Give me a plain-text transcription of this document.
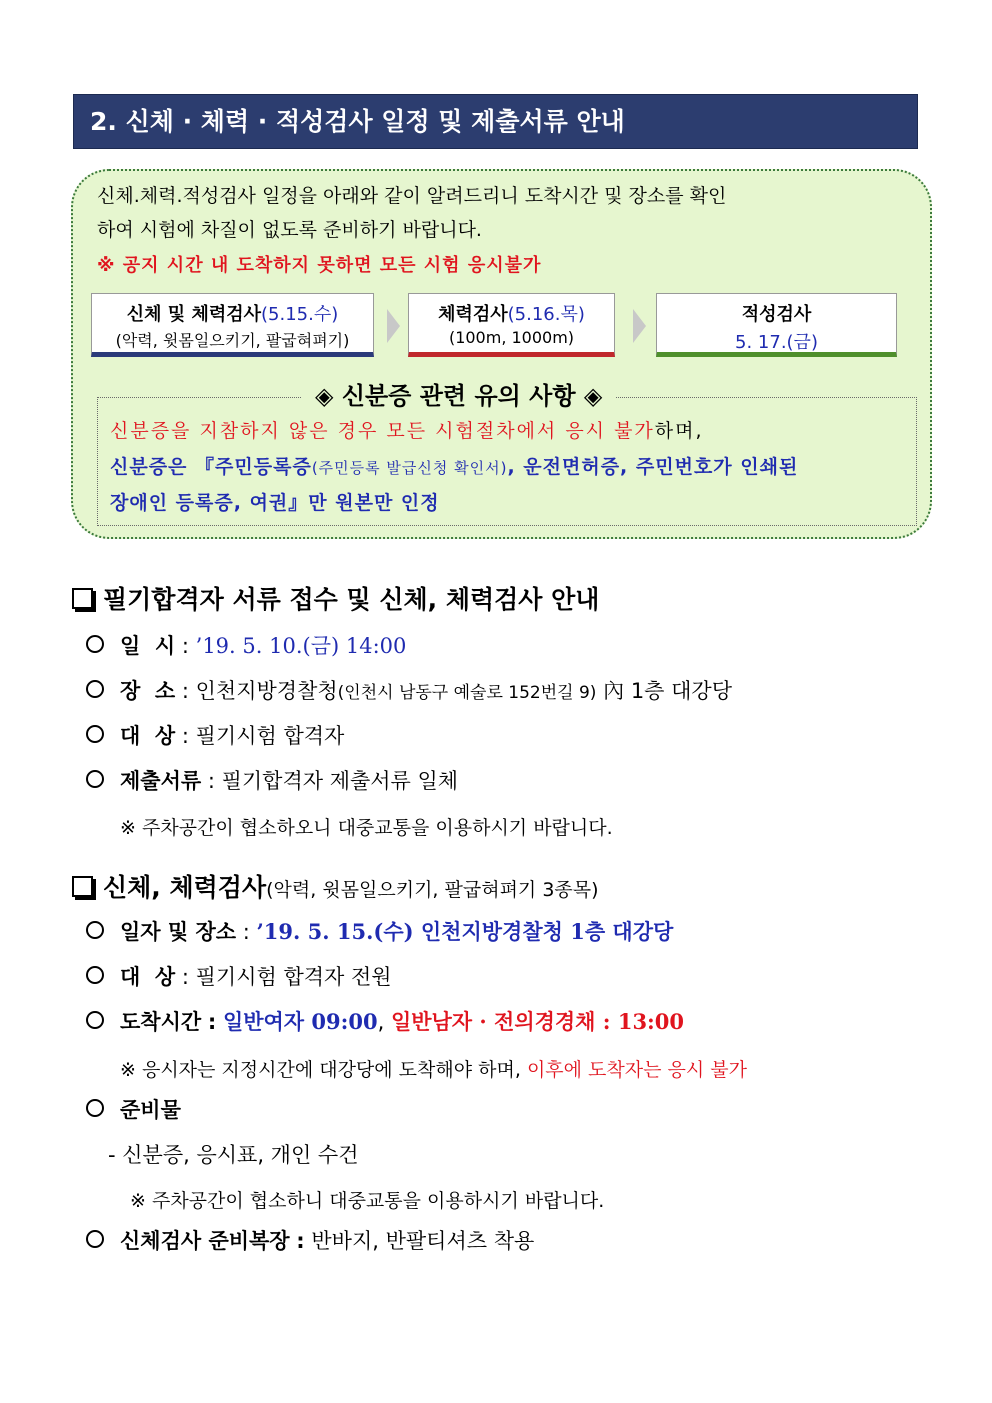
2. 신체 · 체력 · 적성검사 일정 및 제출서류 안내
신체.체력.적성검사 일정을 아래와 같이 알려드리니 도착시간 및 장소를 확인
하여 시험에 차질이 없도록 준비하기 바랍니다.
※ 공지 시간 내 도착하지 못하면 모든 시험 응시불가
신체 및 체력검사(5.15.수)
(악력, 윗몸일으키기, 팔굽혀펴기)
체력검사(5.16.목)
(100m, 1000m)
적성검사
5. 17.(금)
신분증을 지참하지 않은 경우 모든 시험절차에서 응시 불가하며,
신분증은 『주민등록증(주민등록 발급신청 확인서), 운전면허증, 주민번호가 인쇄된
장애인 등록증, 여권』만 원본만 인정
◈ 신분증 관련 유의 사항 ◈
필기합격자 서류 접수 및 신체, 체력검사 안내
일  시 : ’19. 5. 10.(금) 14:00
장  소 : 인천지방경찰청(인천시 남동구 예술로 152번길 9) 內 1층 대강당
대  상 : 필기시험 합격자
제출서류 : 필기합격자 제출서류 일체
※ 주차공간이 협소하오니 대중교통을 이용하시기 바랍니다.
신체, 체력검사(악력, 윗몸일으키기, 팔굽혀펴기 3종목)
일자 및 장소 : ’19. 5. 15.(수) 인천지방경찰청 1층 대강당
대  상 : 필기시험 합격자 전원
도착시간 : 일반여자 09:00, 일반남자 · 전의경경채 : 13:00
※ 응시자는 지정시간에 대강당에 도착해야 하며, 이후에 도착자는 응시 불가
준비물
- 신분증, 응시표, 개인 수건
※ 주차공간이 협소하니 대중교통을 이용하시기 바랍니다.
신체검사 준비복장 : 반바지, 반팔티셔츠 착용
